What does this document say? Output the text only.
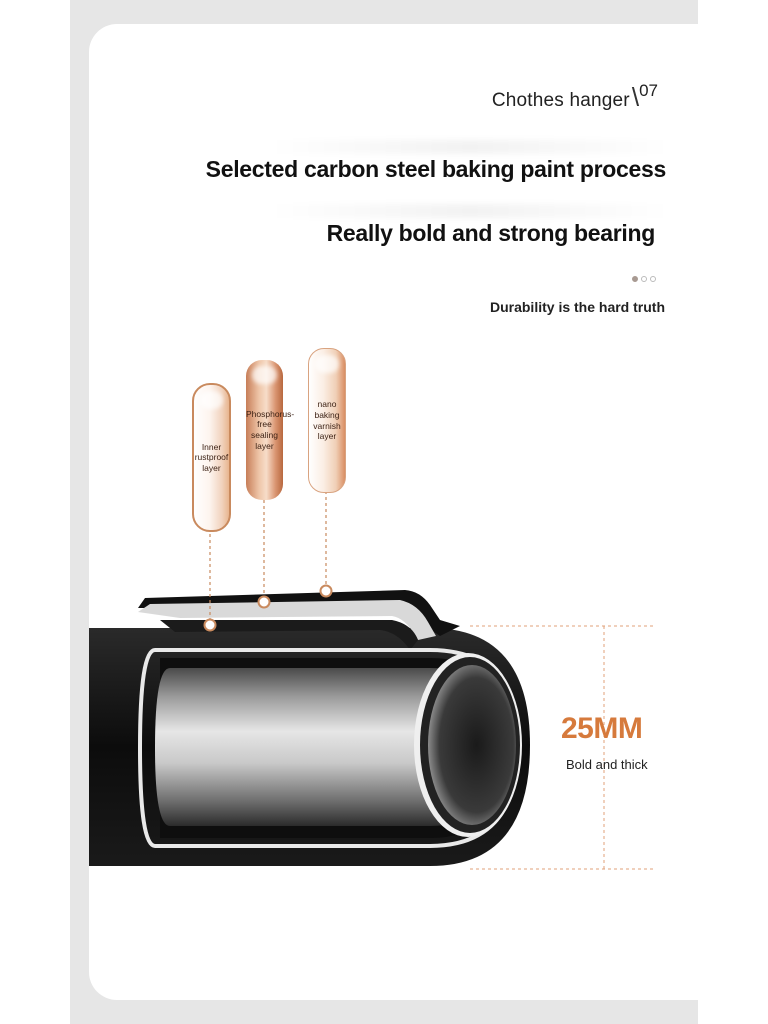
Chothes hanger\07
Selected carbon steel baking paint process
Really bold and strong bearing
Durability is the hard truth
Inner rustproof layer
Phosphorus-free sealing layer
nano baking varnish layer
25MM
Bold and thick
